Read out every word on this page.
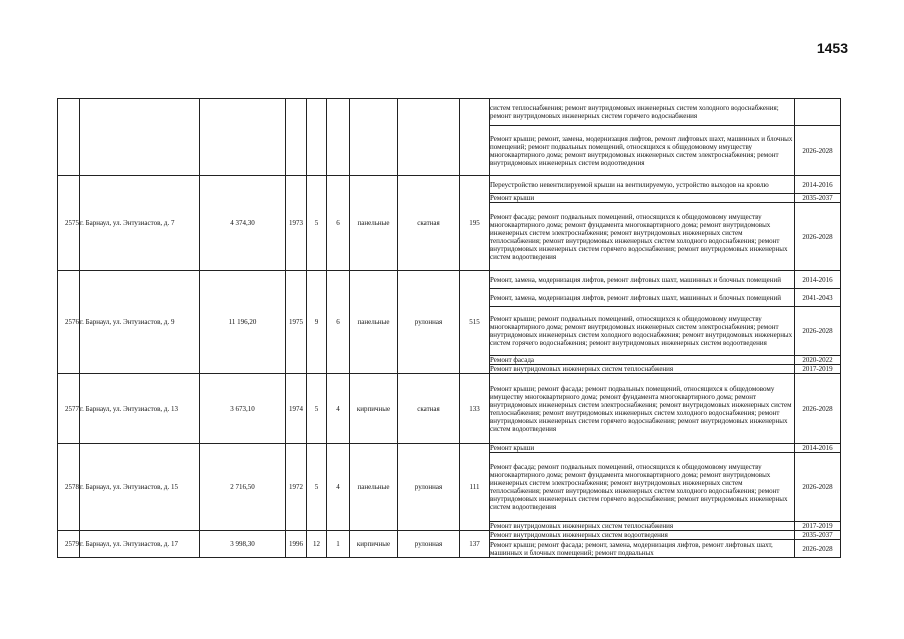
1453
									систем теплоснабжения; ремонт внутридомовых инженерных систем холодного водоснабжения; ремонт внутридомовых инженерных систем горячего водоснабжения	
									Ремонт крыши; ремонт, замена, модернизация лифтов, ремонт лифтовых шахт, машинных и блочных помещений; ремонт подвальных помещений, относящихся к общедомовому имуществу многоквартирного дома; ремонт внутридомовых инженерных систем электроснабжения; ремонт внутридомовых инженерных систем водоотведения	2026-2028
2575	г. Барнаул, ул. Энтузиастов, д. 7	4 374,30	1973	5	6	панельные	скатная	195	Переустройство невентилируемой крыши на вентилируемую, устройство выходов на кровлю	2014-2016
									Ремонт крыши	2035-2037
									Ремонт фасада; ремонт подвальных помещений, относящихся к общедомовому имуществу многоквартирного дома; ремонт фундамента многоквартирного дома; ремонт внутридомовых инженерных систем электроснабжения; ремонт внутридомовых инженерных систем теплоснабжения; ремонт внутридомовых инженерных систем холодного водоснабжения; ремонт внутридомовых инженерных систем горячего водоснабжения; ремонт внутридомовых инженерных систем водоотведения	2026-2028
2576	г. Барнаул, ул. Энтузиастов, д. 9	11 196,20	1975	9	6	панельные	рулонная	515	Ремонт, замена, модернизация лифтов, ремонт лифтовых шахт, машинных и блочных помещений	2014-2016
									Ремонт, замена, модернизация лифтов, ремонт лифтовых шахт, машинных и блочных помещений	2041-2043
									Ремонт крыши; ремонт подвальных помещений, относящихся к общедомовому имуществу многоквартирного дома; ремонт внутридомовых инженерных систем электроснабжения; ремонт внутридомовых инженерных систем холодного водоснабжения; ремонт внутридомовых инженерных систем горячего водоснабжения; ремонт внутридомовых инженерных систем водоотведения	2026-2028
									Ремонт фасада	2020-2022
									Ремонт внутридомовых инженерных систем теплоснабжения	2017-2019
2577	г. Барнаул, ул. Энтузиастов, д. 13	3 673,10	1974	5	4	кирпичные	скатная	133	Ремонт крыши; ремонт фасада; ремонт подвальных помещений, относящихся к общедомовому имуществу многоквартирного дома; ремонт фундамента многоквартирного дома; ремонт внутридомовых инженерных систем электроснабжения; ремонт внутридомовых инженерных систем теплоснабжения; ремонт внутридомовых инженерных систем холодного водоснабжения; ремонт внутридомовых инженерных систем горячего водоснабжения; ремонт внутридомовых инженерных систем водоотведения	2026-2028
2578	г. Барнаул, ул. Энтузиастов, д. 15	2 716,50	1972	5	4	панельные	рулонная	111	Ремонт крыши	2014-2016
									Ремонт фасада; ремонт подвальных помещений, относящихся к общедомовому имуществу многоквартирного дома; ремонт фундамента многоквартирного дома; ремонт внутридомовых инженерных систем электроснабжения; ремонт внутридомовых инженерных систем теплоснабжения; ремонт внутридомовых инженерных систем холодного водоснабжения; ремонт внутридомовых инженерных систем горячего водоснабжения; ремонт внутридомовых инженерных систем водоотведения	2026-2028
									Ремонт внутридомовых инженерных систем теплоснабжения	2017-2019
2579	г. Барнаул, ул. Энтузиастов, д. 17	3 998,30	1996	12	1	кирпичные	рулонная	137	Ремонт внутридомовых инженерных систем водоотведения	2035-2037
									Ремонт крыши; ремонт фасада; ремонт, замена, модернизация лифтов, ремонт лифтовых шахт, машинных и блочных помещений; ремонт подвальных	2026-2028
